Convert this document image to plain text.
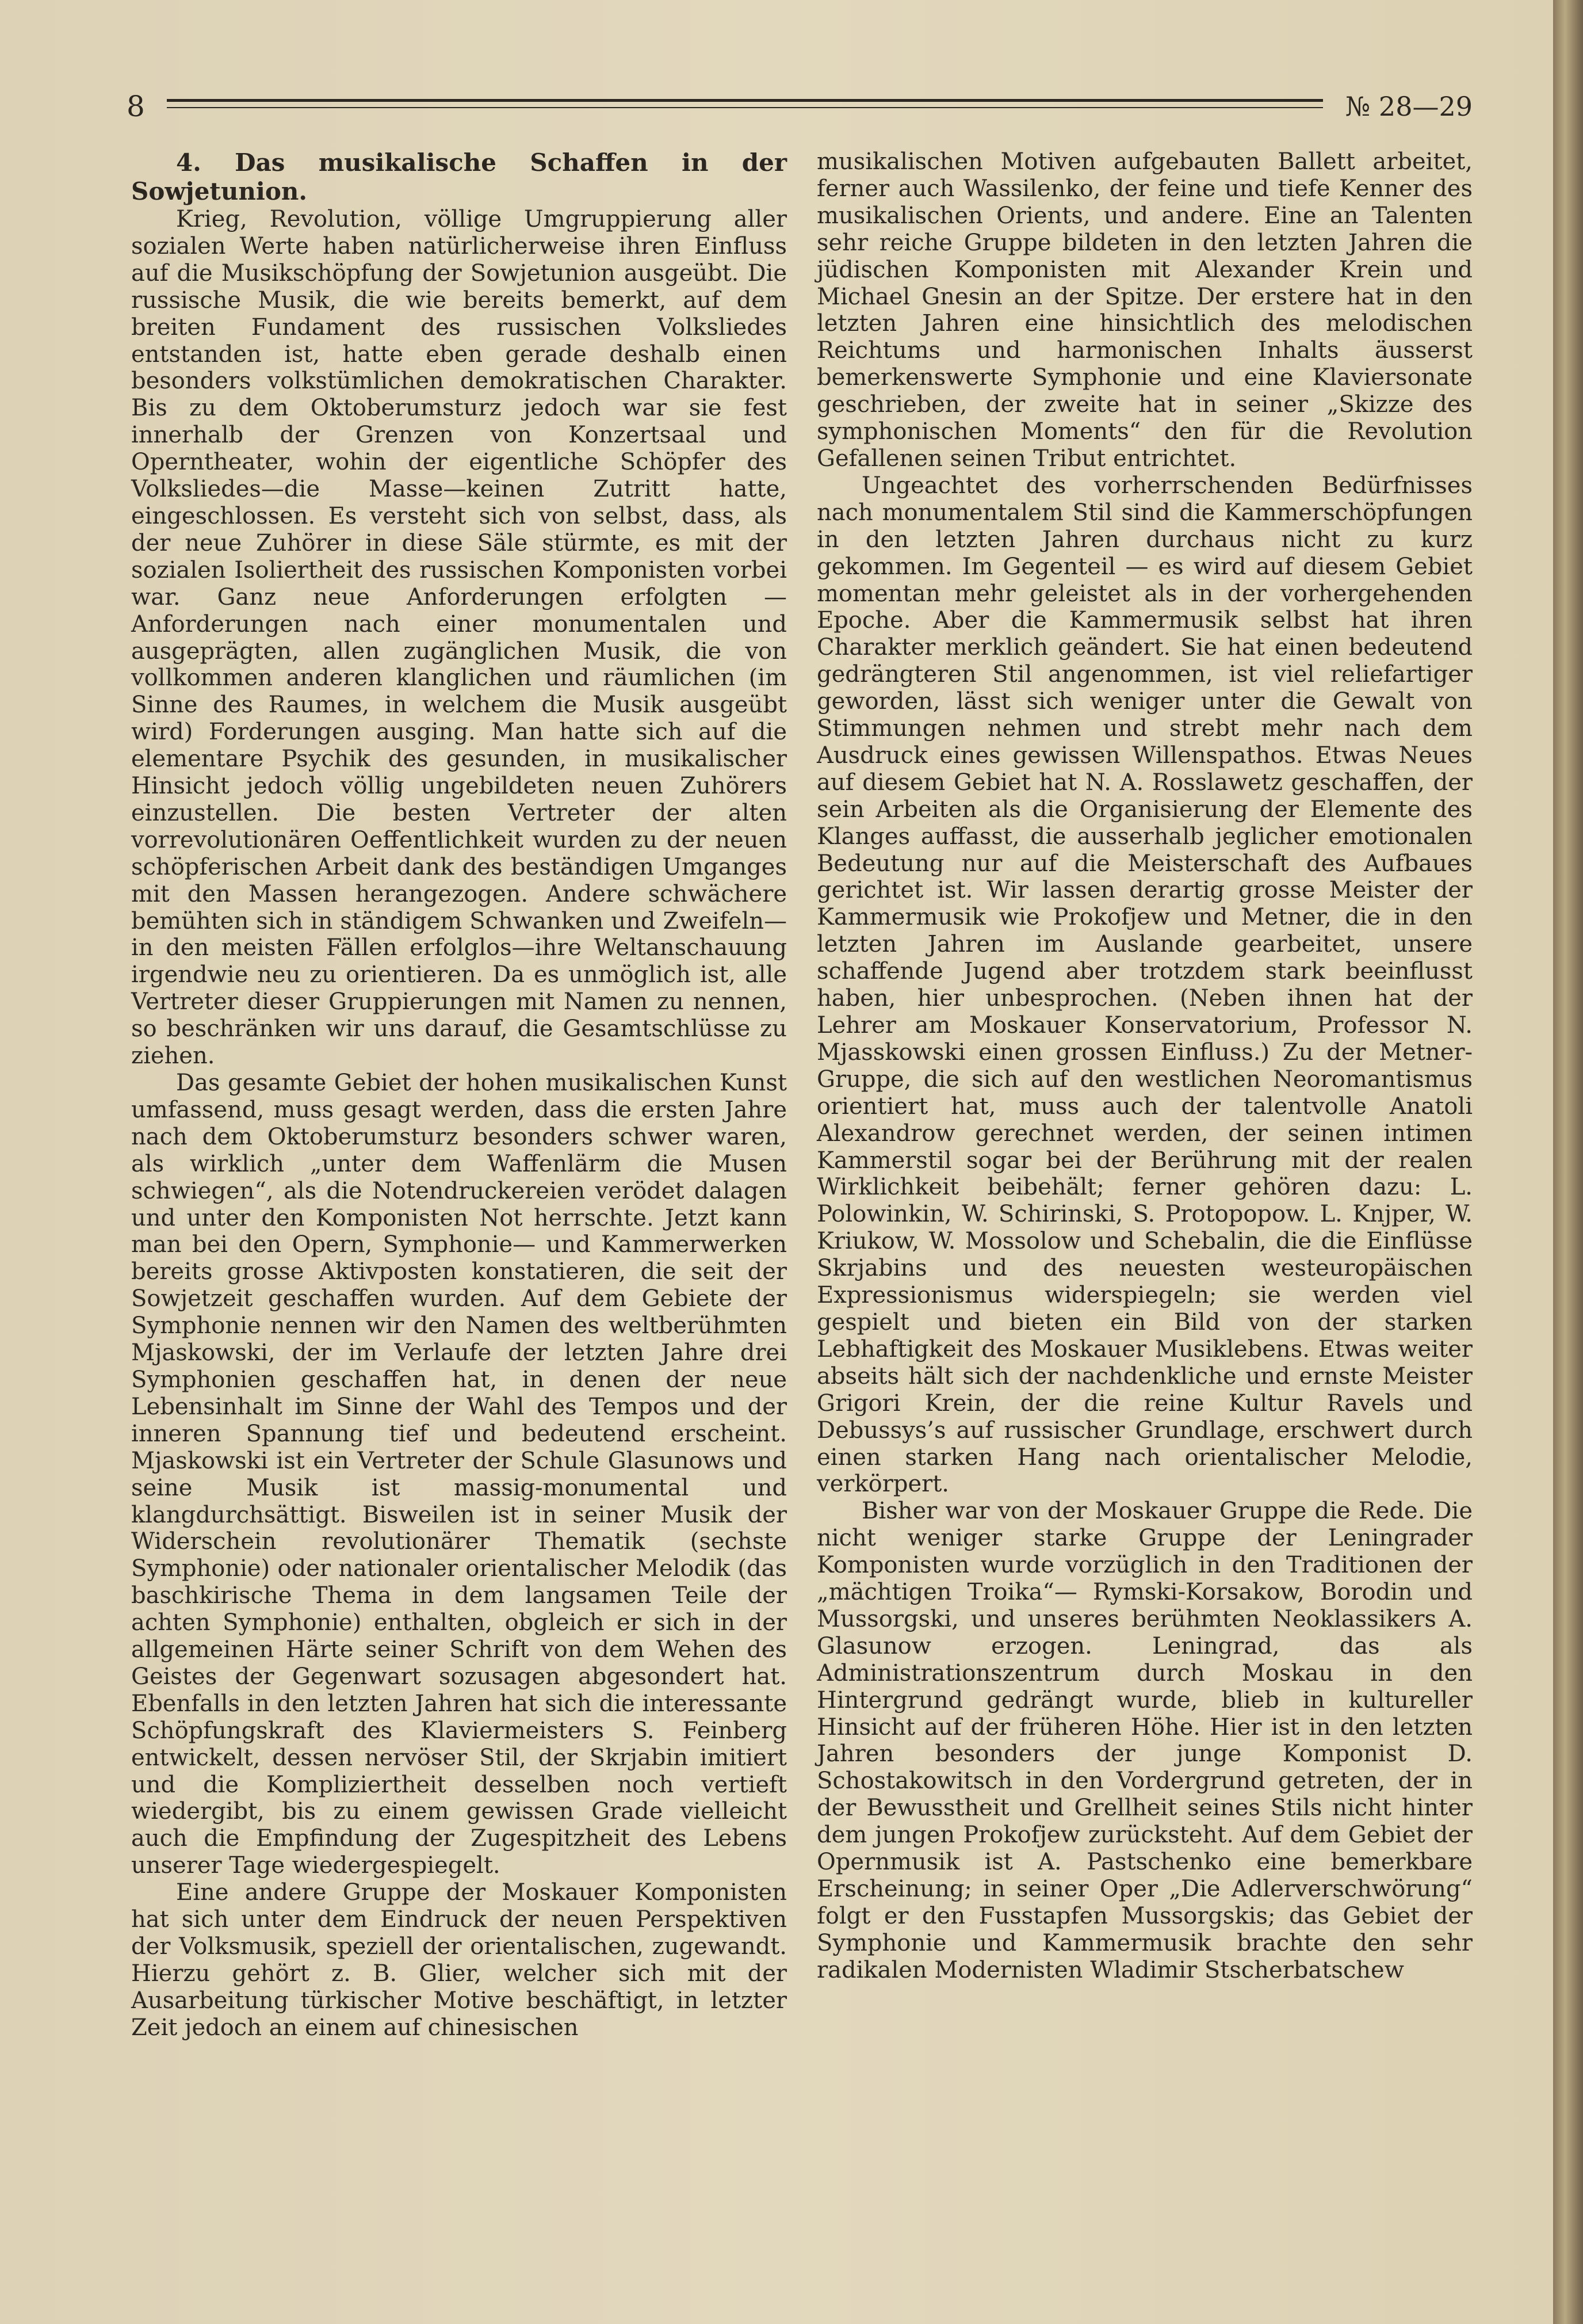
8	№ 28—29

4. Das musikalische Schaffen in der Sowjetunion.

Krieg, Revolution, völlige Umgruppierung aller sozialen Werte haben natürlicherweise ihren Einfluss auf die Musikschöpfung der Sowjetunion ausgeübt. Die russische Musik, die wie bereits bemerkt, auf dem breiten Fundament des russischen Volksliedes entstanden ist, hatte eben gerade deshalb einen besonders volkstümlichen demokratischen Charakter. Bis zu dem Oktoberumsturz jedoch war sie fest innerhalb der Grenzen von Konzertsaal und Operntheater, wohin der eigentliche Schöpfer des Volksliedes—die Masse—keinen Zutritt hatte, eingeschlossen. Es versteht sich von selbst, dass, als der neue Zuhörer in diese Säle stürmte, es mit der sozialen Isoliertheit des russischen Komponisten vorbei war. Ganz neue Anforderungen erfolgten — Anforderungen nach einer monumentalen und ausgeprägten, allen zugänglichen Musik, die von vollkommen anderen klanglichen und räumlichen (im Sinne des Raumes, in welchem die Musik ausgeübt wird) Forderungen ausging. Man hatte sich auf die elementare Psychik des gesunden, in musikalischer Hinsicht jedoch völlig ungebildeten neuen Zuhörers einzustellen. Die besten Vertreter der alten vorrevolutionären Oeffentlichkeit wurden zu der neuen schöpferischen Arbeit dank des beständigen Umganges mit den Massen herangezogen. Andere schwächere bemühten sich in ständigem Schwanken und Zweifeln—in den meisten Fällen erfolglos—ihre Weltanschauung irgendwie neu zu orientieren. Da es unmöglich ist, alle Vertreter dieser Gruppierungen mit Namen zu nennen, so beschränken wir uns darauf, die Gesamtschlüsse zu ziehen.

Das gesamte Gebiet der hohen musikalischen Kunst umfassend, muss gesagt werden, dass die ersten Jahre nach dem Oktoberumsturz besonders schwer waren, als wirklich „unter dem Waffenlärm die Musen schwiegen“, als die Notendruckereien verödet dalagen und unter den Komponisten Not herrschte. Jetzt kann man bei den Opern, Symphonie— und Kammerwerken bereits grosse Aktivposten konstatieren, die seit der Sowjetzeit geschaffen wurden. Auf dem Gebiete der Symphonie nennen wir den Namen des weltberühmten Mjaskowski, der im Verlaufe der letzten Jahre drei Symphonien geschaffen hat, in denen der neue Lebensinhalt im Sinne der Wahl des Tempos und der inneren Spannung tief und bedeutend erscheint. Mjaskowski ist ein Vertreter der Schule Glasunows und seine Musik ist massig-monumental und klangdurchsättigt. Bisweilen ist in seiner Musik der Widerschein revolutionärer Thematik (sechste Symphonie) oder nationaler orientalischer Melodik (das baschkirische Thema in dem langsamen Teile der achten Symphonie) enthalten, obgleich er sich in der allgemeinen Härte seiner Schrift von dem Wehen des Geistes der Gegenwart sozusagen abgesondert hat. Ebenfalls in den letzten Jahren hat sich die interessante Schöpfungskraft des Klaviermeisters S. Feinberg entwickelt, dessen nervöser Stil, der Skrjabin imitiert und die Kompliziertheit desselben noch vertieft wiedergibt, bis zu einem gewissen Grade vielleicht auch die Empfindung der Zugespitzheit des Lebens unserer Tage wiedergespiegelt.

Eine andere Gruppe der Moskauer Komponisten hat sich unter dem Eindruck der neuen Perspektiven der Volksmusik, speziell der orientalischen, zugewandt. Hierzu gehört z. B. Glier, welcher sich mit der Ausarbeitung türkischer Motive beschäftigt, in letzter Zeit jedoch an einem auf chinesischen

musikalischen Motiven aufgebauten Ballett arbeitet, ferner auch Wassilenko, der feine und tiefe Kenner des musikalischen Orients, und andere. Eine an Talenten sehr reiche Gruppe bildeten in den letzten Jahren die jüdischen Komponisten mit Alexander Krein und Michael Gnesin an der Spitze. Der erstere hat in den letzten Jahren eine hinsichtlich des melodischen Reichtums und harmonischen Inhalts äusserst bemerkenswerte Symphonie und eine Klaviersonate geschrieben, der zweite hat in seiner „Skizze des symphonischen Moments“ den für die Revolution Gefallenen seinen Tribut entrichtet.

Ungeachtet des vorherrschenden Bedürfnisses nach monumentalem Stil sind die Kammerschöpfungen in den letzten Jahren durchaus nicht zu kurz gekommen. Im Gegenteil — es wird auf diesem Gebiet momentan mehr geleistet als in der vorhergehenden Epoche. Aber die Kammermusik selbst hat ihren Charakter merklich geändert. Sie hat einen bedeutend gedrängteren Stil angenommen, ist viel reliefartiger geworden, lässt sich weniger unter die Gewalt von Stimmungen nehmen und strebt mehr nach dem Ausdruck eines gewissen Willenspathos. Etwas Neues auf diesem Gebiet hat N. A. Rosslawetz geschaffen, der sein Arbeiten als die Organisierung der Elemente des Klanges auffasst, die ausserhalb jeglicher emotionalen Bedeutung nur auf die Meisterschaft des Aufbaues gerichtet ist. Wir lassen derartig grosse Meister der Kammermusik wie Prokofjew und Metner, die in den letzten Jahren im Auslande gearbeitet, unsere schaffende Jugend aber trotzdem stark beeinflusst haben, hier unbesprochen. (Neben ihnen hat der Lehrer am Moskauer Konservatorium, Professor N. Mjasskowski einen grossen Einfluss.) Zu der Metner-Gruppe, die sich auf den westlichen Neoromantismus orientiert hat, muss auch der talentvolle Anatoli Alexandrow gerechnet werden, der seinen intimen Kammerstil sogar bei der Berührung mit der realen Wirklichkeit beibehält; ferner gehören dazu: L. Polowinkin, W. Schirinski, S. Protopopow. L. Knjper, W. Kriukow, W. Mossolow und Schebalin, die die Einflüsse Skrjabins und des neuesten westeuropäischen Expressionismus widerspiegeln; sie werden viel gespielt und bieten ein Bild von der starken Lebhaftigkeit des Moskauer Musiklebens. Etwas weiter abseits hält sich der nachdenkliche und ernste Meister Grigori Krein, der die reine Kultur Ravels und Debussys’s auf russischer Grundlage, erschwert durch einen starken Hang nach orientalischer Melodie, verkörpert.

Bisher war von der Moskauer Gruppe die Rede. Die nicht weniger starke Gruppe der Leningrader Komponisten wurde vorzüglich in den Traditionen der „mächtigen Troika“— Rymski-Korsakow, Borodin und Mussorgski, und unseres berühmten Neoklassikers A. Glasunow erzogen. Leningrad, das als Administrationszentrum durch Moskau in den Hintergrund gedrängt wurde, blieb in kultureller Hinsicht auf der früheren Höhe. Hier ist in den letzten Jahren besonders der junge Komponist D. Schostakowitsch in den Vordergrund getreten, der in der Bewusstheit und Grellheit seines Stils nicht hinter dem jungen Prokofjew zurücksteht. Auf dem Gebiet der Opernmusik ist A. Pastschenko eine bemerkbare Erscheinung; in seiner Oper „Die Adlerverschwörung“ folgt er den Fusstapfen Mussorgskis; das Gebiet der Symphonie und Kammermusik brachte den sehr radikalen Modernisten Wladimir Stscherbatschew
